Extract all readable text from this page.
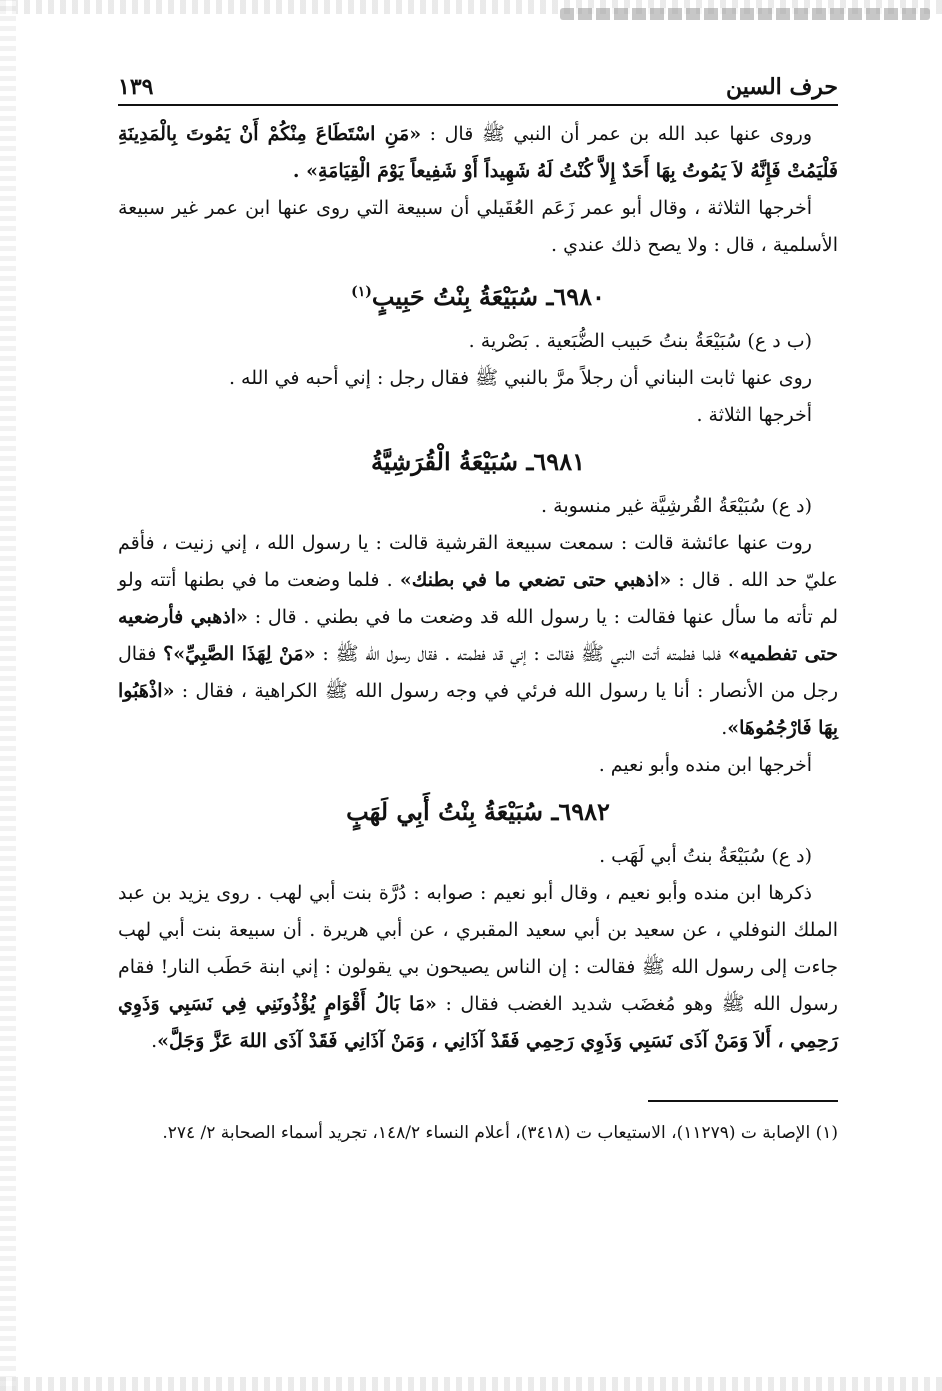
حرف السين
١٣٩

وروى عنها عبد الله بن عمر أن النبي ﷺ قال : «مَنِ اسْتَطَاعَ مِنْكُمْ أَنْ يَمُوتَ بِالْمَدِينَةِ فَلْيَمُتْ فَإِنَّهُ لاَ يَمُوتُ بِهَا أَحَدٌ إِلاَّ كُنْتُ لَهُ شَهِيداً أَوْ شَفِيعاً يَوْمَ الْقِيَامَةِ» .

أخرجها الثلاثة ، وقال أبو عمر زَعَم العُقَيلي أن سبيعة التي روى عنها ابن عمر غير سبيعة الأسلمية ، قال : ولا يصح ذلك عندي .

٦٩٨٠ـ سُبَيْعَةُ بِنْتُ حَبِيبٍ$^{(١)}$

(ب د ع) سُبَيْعَةُ بنتُ حَبيب الضُّبَعية . بَصْرية .

روى عنها ثابت البناني أن رجلاً مرَّ بالنبي ﷺ فقال رجل : إني أحبه في الله .

أخرجها الثلاثة .

٦٩٨١ـ سُبَيْعَةُ الْقُرَشِيَّةُ

(د ع) سُبَيْعَةُ القُرشِيَّة غير منسوبة .

روت عنها عائشة قالت : سمعت سبيعة القرشية قالت : يا رسول الله ، إني زنيت ، فأقم عليّ حد الله . قال : «اذهبي حتى تضعي ما في بطنك» . فلما وضعت ما في بطنها أتته ولو لم تأته ما سأل عنها فقالت : يا رسول الله قد وضعت ما في بطني . قال : «اذهبي فأرضعيه حتى تفطميه» فلما فطمته أتت النبي ﷺ فقالت : إني قد فطمته . فقال رسول الله ﷺ : «مَنْ لِهَذَا الصَّبِيِّ»؟ فقال رجل من الأنصار : أنا يا رسول الله فرئي في وجه رسول الله ﷺ الكراهية ، فقال : «اذْهَبُوا بِهَا فَارْجُمُوهَا».

أخرجها ابن منده وأبو نعيم .

٦٩٨٢ـ سُبَيْعَةُ بِنْتُ أَبِي لَهَبٍ

(د ع) سُبَيْعَةُ بنتُ أبي لَهَب .

ذكرها ابن منده وأبو نعيم ، وقال أبو نعيم : صوابه : دُرَّة بنت أبي لهب . روى يزيد بن عبد الملك النوفلي ، عن سعيد بن أبي سعيد المقبري ، عن أبي هريرة . أن سبيعة بنت أبي لهب جاءت إلى رسول الله ﷺ فقالت : إن الناس يصيحون بي يقولون : إني ابنة حَطَب النار! فقام رسول الله ﷺ وهو مُغضَب شديد الغضب فقال : «مَا بَالُ أَقْوَامٍ يُؤْذُونَنِي فِي نَسَبِي وَذَوِي رَحِمِي ، أَلاَ وَمَنْ آذَى نَسَبِي وَذَوِي رَحِمِي فَقَدْ آذَانِي ، وَمَنْ آذَانِي فَقَدْ آذَى اللهَ عَزَّ وَجَلَّ».

(١) الإصابة ت (١١٢٧٩)، الاستيعاب ت (٣٤١٨)، أعلام النساء ١٤٨/٢، تجريد أسماء الصحابة ٢/ ٢٧٤.
